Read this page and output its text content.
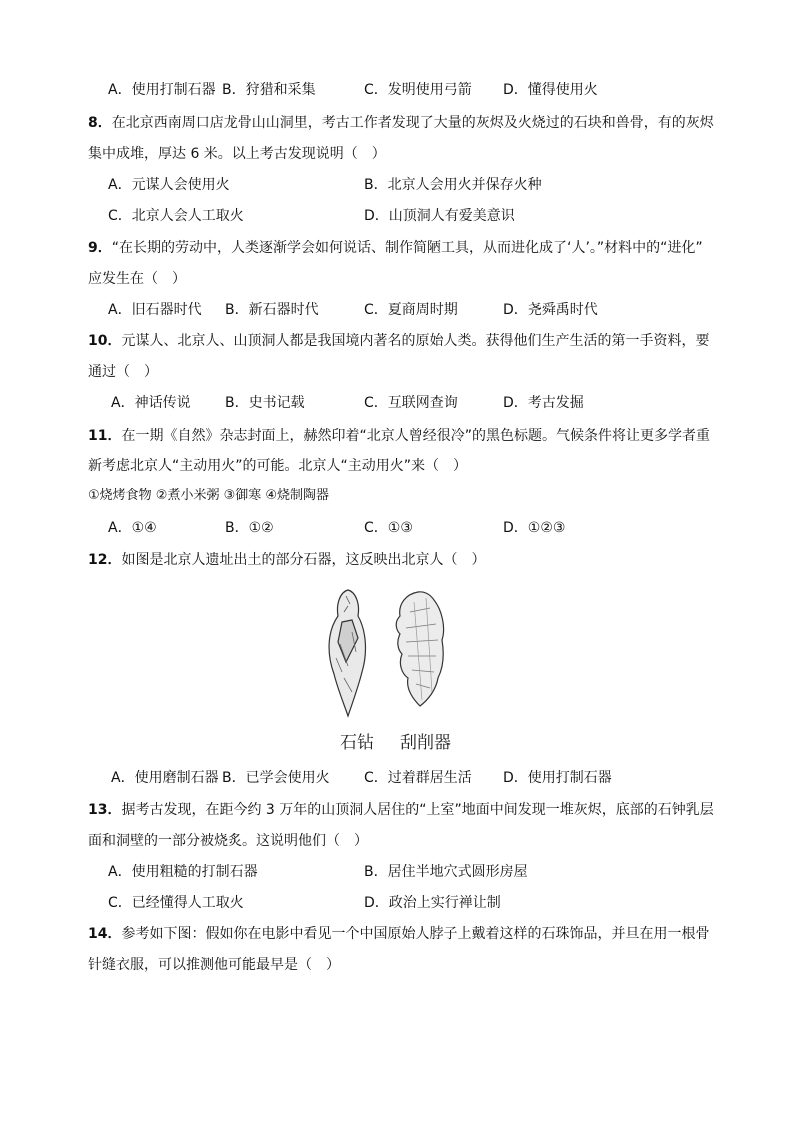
A．使用打制石器 B．狩猎和采集	C．发明使用弓箭 D．懂得使用火
8．在北京西南周口店龙骨山山洞里，考古工作者发现了大量的灰烬及火烧过的石块和兽骨，有的灰烬
集中成堆，厚达 6 米。以上考古发现说明（　）
A．元谋人会使用火	B．北京人会用火并保存火种
C．北京人会人工取火	D．山顶洞人有爱美意识
9．“在长期的劳动中，人类逐渐学会如何说话、制作简陋工具，从而进化成了‘人’。”材料中的“进化”
应发生在（　）
A．旧石器时代 B．新石器时代	C．夏商周时期	D．尧舜禹时代
10．元谋人、北京人、山顶洞人都是我国境内著名的原始人类。获得他们生产生活的第一手资料，要
通过（　）
A．神话传说 B．史书记载	C．互联网查询	D．考古发掘
11．在一期《自然》杂志封面上，赫然印着“北京人曾经很冷”的黑色标题。气候条件将让更多学者重
新考虑北京人“主动用火”的可能。北京人“主动用火”来（　）
①烧烤食物 ②煮小米粥 ③御寒 ④烧制陶器
A．①④	B．①②	C．①③	D．①②③
12．如图是北京人遗址出土的部分石器，这反映出北京人（　）
石钻 刮削器
A．使用磨制石器 B．已学会使用火 C．过着群居生活 D．使用打制石器
13．据考古发现，在距今约 3 万年的山顶洞人居住的“上室”地面中间发现一堆灰烬，底部的石钟乳层
面和洞壁的一部分被烧炙。这说明他们（　）
A．使用粗糙的打制石器	B．居住半地穴式圆形房屋
C．已经懂得人工取火	D．政治上实行禅让制
14．参考如下图：假如你在电影中看见一个中国原始人脖子上戴着这样的石珠饰品，并旦在用一根骨
针缝衣服，可以推测他可能最早是（　）
